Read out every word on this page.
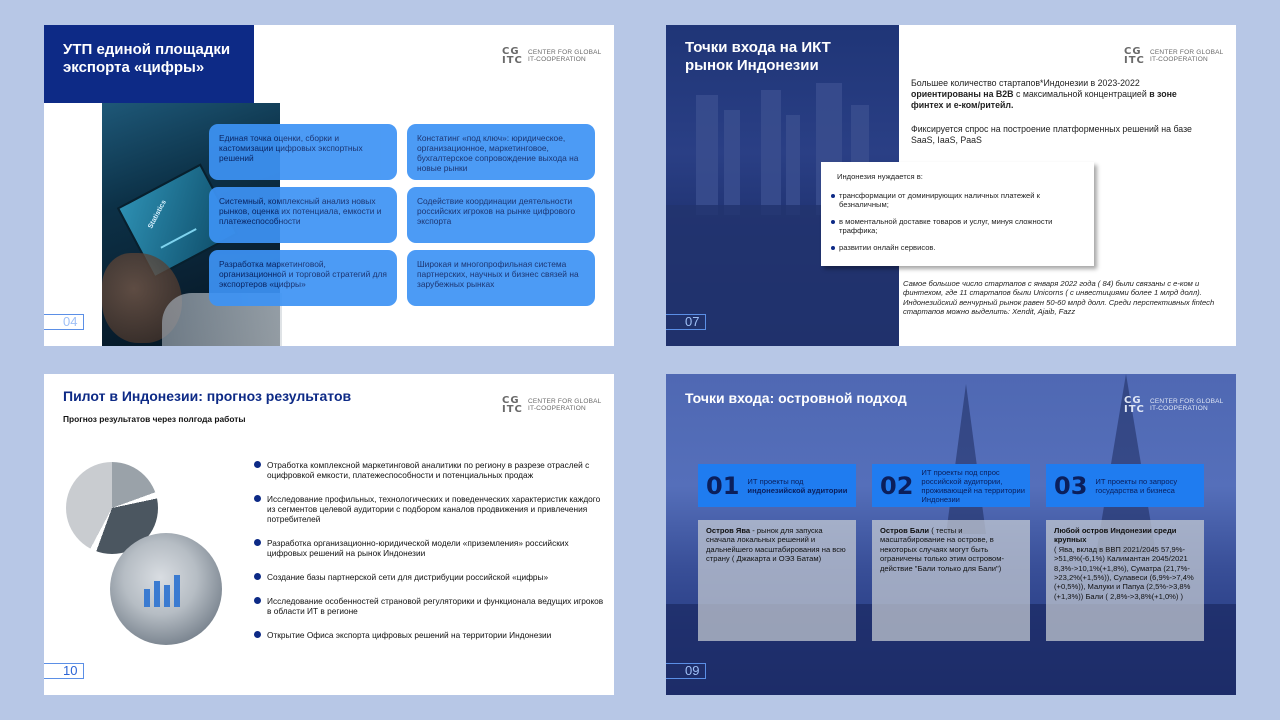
Statistics
УТП единой площадки экспорта «цифры»
CG
ITC
CENTER FOR GLOBAL
IT-COOPERATION
Единая точка оценки, сборки и кастомизации цифровых экспортных решений
Системный, комплексный анализ новых рынков, оценка их потенциала, емкости и платежеспособности
Разработка маркетинговой, организационной и торговой стратегий для экспортеров «цифры»
Констатинг «под ключ»: юридическое, организационное, маркетинговое, бухгалтерское сопровождение выхода на новые рынки
Содействие координации деятельности российских игроков на рынке цифрового экспорта
Широкая и многопрофильная система партнерских, научных и бизнес связей на зарубежных рынках
04
Точки входа на ИКТ рынок Индонезии
CG
ITC
CENTER FOR GLOBAL
IT-COOPERATION
Большее количество стартапов*Индонезии в 2023-2022 ориентированы на B2B с максимальной концентрацией в зоне финтех и е-ком/ритейл.
Фиксируется спрос на построение платформенных решений на базе SaaS, IaaS, PaaS
Индонезия нуждается в:
трансформации от доминирующих наличных платежей к безналичным;
в моментальной доставке товаров и услуг, минуя сложности траффика;
развитии онлайн сервисов.
Самое большое число стартапов с января 2022 года ( 84) были связаны с е-ком и финтехом, где 11 стартапов были Unicorns ( с инвестициями более 1 млрд долл). Индонезийский венчурный рынок равен 50-60 млрд долл. Среди перспективных fintech стартапов можно выделить: Xendit, Ajaib, Fazz
07
Пилот в Индонезии: прогноз результатов
Прогноз результатов через полгода работы
CG
ITC
CENTER FOR GLOBAL
IT-COOPERATION
Отработка комплексной маркетинговой аналитики по региону в разрезе отраслей с оцифровкой емкости, платежеспособности и потенциальных продаж
Исследование профильных, технологических и поведенческих характеристик каждого из сегментов целевой аудитории с подбором каналов продвижения и привлечения потребителей
Разработка организационно-юридической модели «приземления» российских цифровых решений на рынок Индонезии
Создание базы партнерской сети для дистрибуции российской «цифры»
Исследование особенностей страновой регуляторики и функционала ведущих игроков в области ИТ в регионе
Открытие Офиса экспорта цифровых решений на территории Индонезии
10
Точки входа: островной подход	CG
ITC
CENTER FOR GLOBAL
IT-COOPERATION
01 ИТ проекты под индонезийской аудитории	02 ИТ проекты под спрос российской аудитории, проживающей на территории Индонезии	03 ИТ проекты по запросу государства и бизнеса
Остров Ява - рынок для запуска сначала локальных решений и дальнейшего масштабирования на всю страну ( Джакарта и ОЭЗ Батам)
Остров Бали ( тесты и масштабирование на острове, в некоторых случаях могут быть ограничены только этим островом-действие "Бали только для Бали")
Любой остров Индонезии среди крупных
( Ява, вклад в ВВП 2021/2045 57,9%->51,8%(-6,1%) Калимантан 2045/2021 8,3%->10,1%(+1,8%), Суматра (21,7%->23,2%(+1,5%)), Сулавеси (6,9%->7,4%(+0,5%)), Малуки и Папуа (2,5%->3,8%(+1,3%)) Бали ( 2,8%->3,8%(+1,0%) )
09
